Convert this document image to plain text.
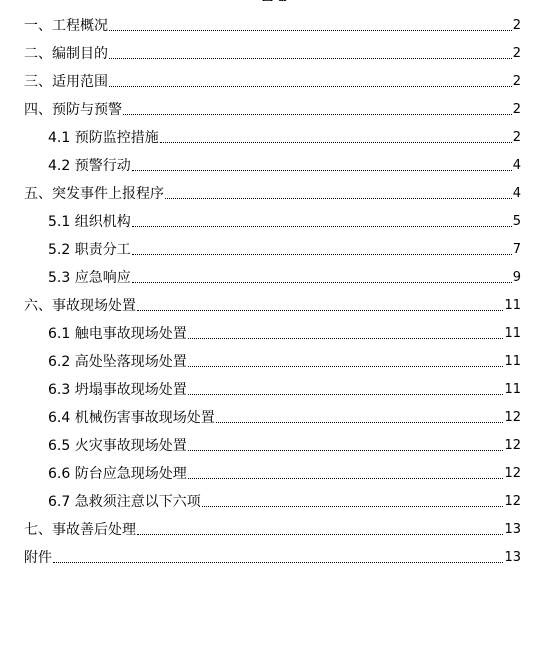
一、工程概况	2
二、编制目的	2
三、适用范围	2
四、预防与预警	2
4.1 预防监控措施	2
4.2 预警行动	4
五、突发事件上报程序	4
5.1 组织机构	5
5.2 职责分工	7
5.3 应急响应	9
六、事故现场处置	11
6.1 触电事故现场处置	11
6.2 高处坠落现场处置	11
6.3 坍塌事故现场处置	11
6.4 机械伤害事故现场处置	12
6.5 火灾事故现场处置	12
6.6 防台应急现场处理	12
6.7 急救须注意以下六项	12
七、事故善后处理	13
附件	13
